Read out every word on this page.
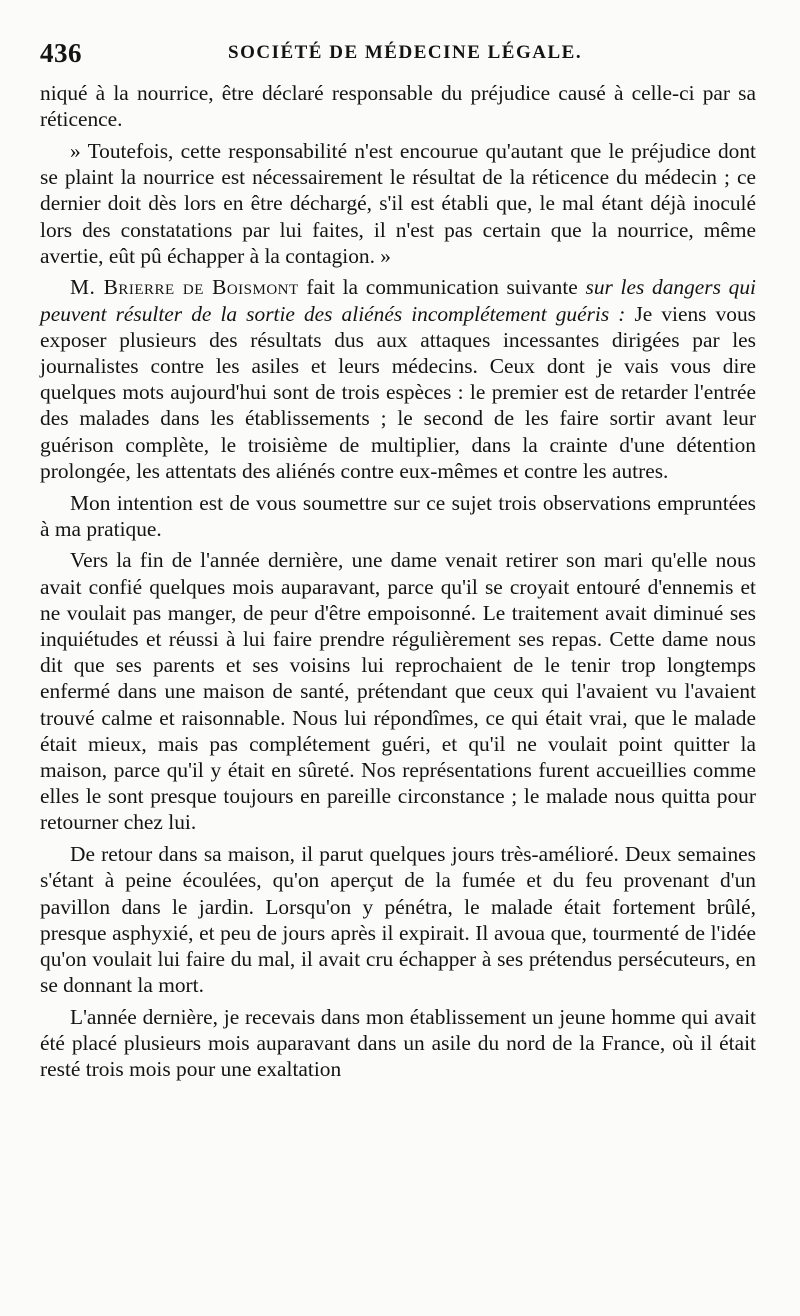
436	SOCIÉTÉ DE MÉDECINE LÉGALE.

niqué à la nourrice, être déclaré responsable du préjudice causé à celle-ci par sa réticence.

» Toutefois, cette responsabilité n'est encourue qu'autant que le préjudice dont se plaint la nourrice est nécessairement le résultat de la réticence du médecin ; ce dernier doit dès lors en être déchargé, s'il est établi que, le mal étant déjà inoculé lors des constatations par lui faites, il n'est pas certain que la nourrice, même avertie, eût pû échapper à la contagion. »

M. Brierre de Boismont fait la communication suivante sur les dangers qui peuvent résulter de la sortie des aliénés incomplétement guéris : Je viens vous exposer plusieurs des résultats dus aux attaques incessantes dirigées par les journalistes contre les asiles et leurs médecins. Ceux dont je vais vous dire quelques mots aujourd'hui sont de trois espèces : le premier est de retarder l'entrée des malades dans les établissements ; le second de les faire sortir avant leur guérison complète, le troisième de multiplier, dans la crainte d'une détention prolongée, les attentats des aliénés contre eux-mêmes et contre les autres.

Mon intention est de vous soumettre sur ce sujet trois observations empruntées à ma pratique.

Vers la fin de l'année dernière, une dame venait retirer son mari qu'elle nous avait confié quelques mois auparavant, parce qu'il se croyait entouré d'ennemis et ne voulait pas manger, de peur d'être empoisonné. Le traitement avait diminué ses inquiétudes et réussi à lui faire prendre régulièrement ses repas. Cette dame nous dit que ses parents et ses voisins lui reprochaient de le tenir trop longtemps enfermé dans une maison de santé, prétendant que ceux qui l'avaient vu l'avaient trouvé calme et raisonnable. Nous lui répondîmes, ce qui était vrai, que le malade était mieux, mais pas complétement guéri, et qu'il ne voulait point quitter la maison, parce qu'il y était en sûreté. Nos représentations furent accueillies comme elles le sont presque toujours en pareille circonstance ; le malade nous quitta pour retourner chez lui.

De retour dans sa maison, il parut quelques jours très-amélioré. Deux semaines s'étant à peine écoulées, qu'on aperçut de la fumée et du feu provenant d'un pavillon dans le jardin. Lorsqu'on y pénétra, le malade était fortement brûlé, presque asphyxié, et peu de jours après il expirait. Il avoua que, tourmenté de l'idée qu'on voulait lui faire du mal, il avait cru échapper à ses prétendus persécuteurs, en se donnant la mort.

L'année dernière, je recevais dans mon établissement un jeune homme qui avait été placé plusieurs mois auparavant dans un asile du nord de la France, où il était resté trois mois pour une exaltation
